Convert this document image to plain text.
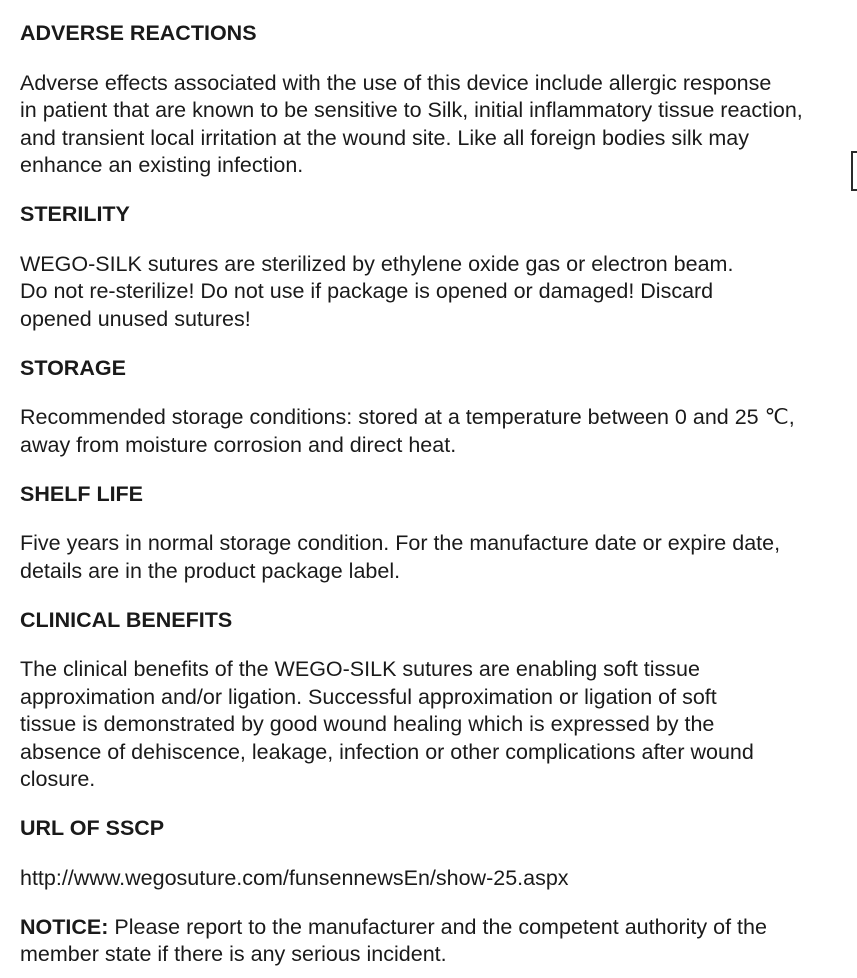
ADVERSE REACTIONS

Adverse effects associated with the use of this device include allergic response
in patient that are known to be sensitive to Silk, initial inflammatory tissue reaction,
and transient local irritation at the wound site. Like all foreign bodies silk may
enhance an existing infection.

STERILITY

WEGO-SILK sutures are sterilized by ethylene oxide gas or electron beam.
Do not re-sterilize! Do not use if package is opened or damaged! Discard
opened unused sutures!

STORAGE

Recommended storage conditions: stored at a temperature between 0 and 25 ℃,
away from moisture corrosion and direct heat.

SHELF LIFE

Five years in normal storage condition. For the manufacture date or expire date,
details are in the product package label.

CLINICAL BENEFITS

The clinical benefits of the WEGO-SILK sutures are enabling soft tissue
approximation and/or ligation. Successful approximation or ligation of soft
tissue is demonstrated by good wound healing which is expressed by the
absence of dehiscence, leakage, infection or other complications after wound
closure.

URL OF SSCP

http://www.wegosuture.com/funsennewsEn/show-25.aspx

NOTICE: Please report to the manufacturer and the competent authority of the
member state if there is any serious incident.
